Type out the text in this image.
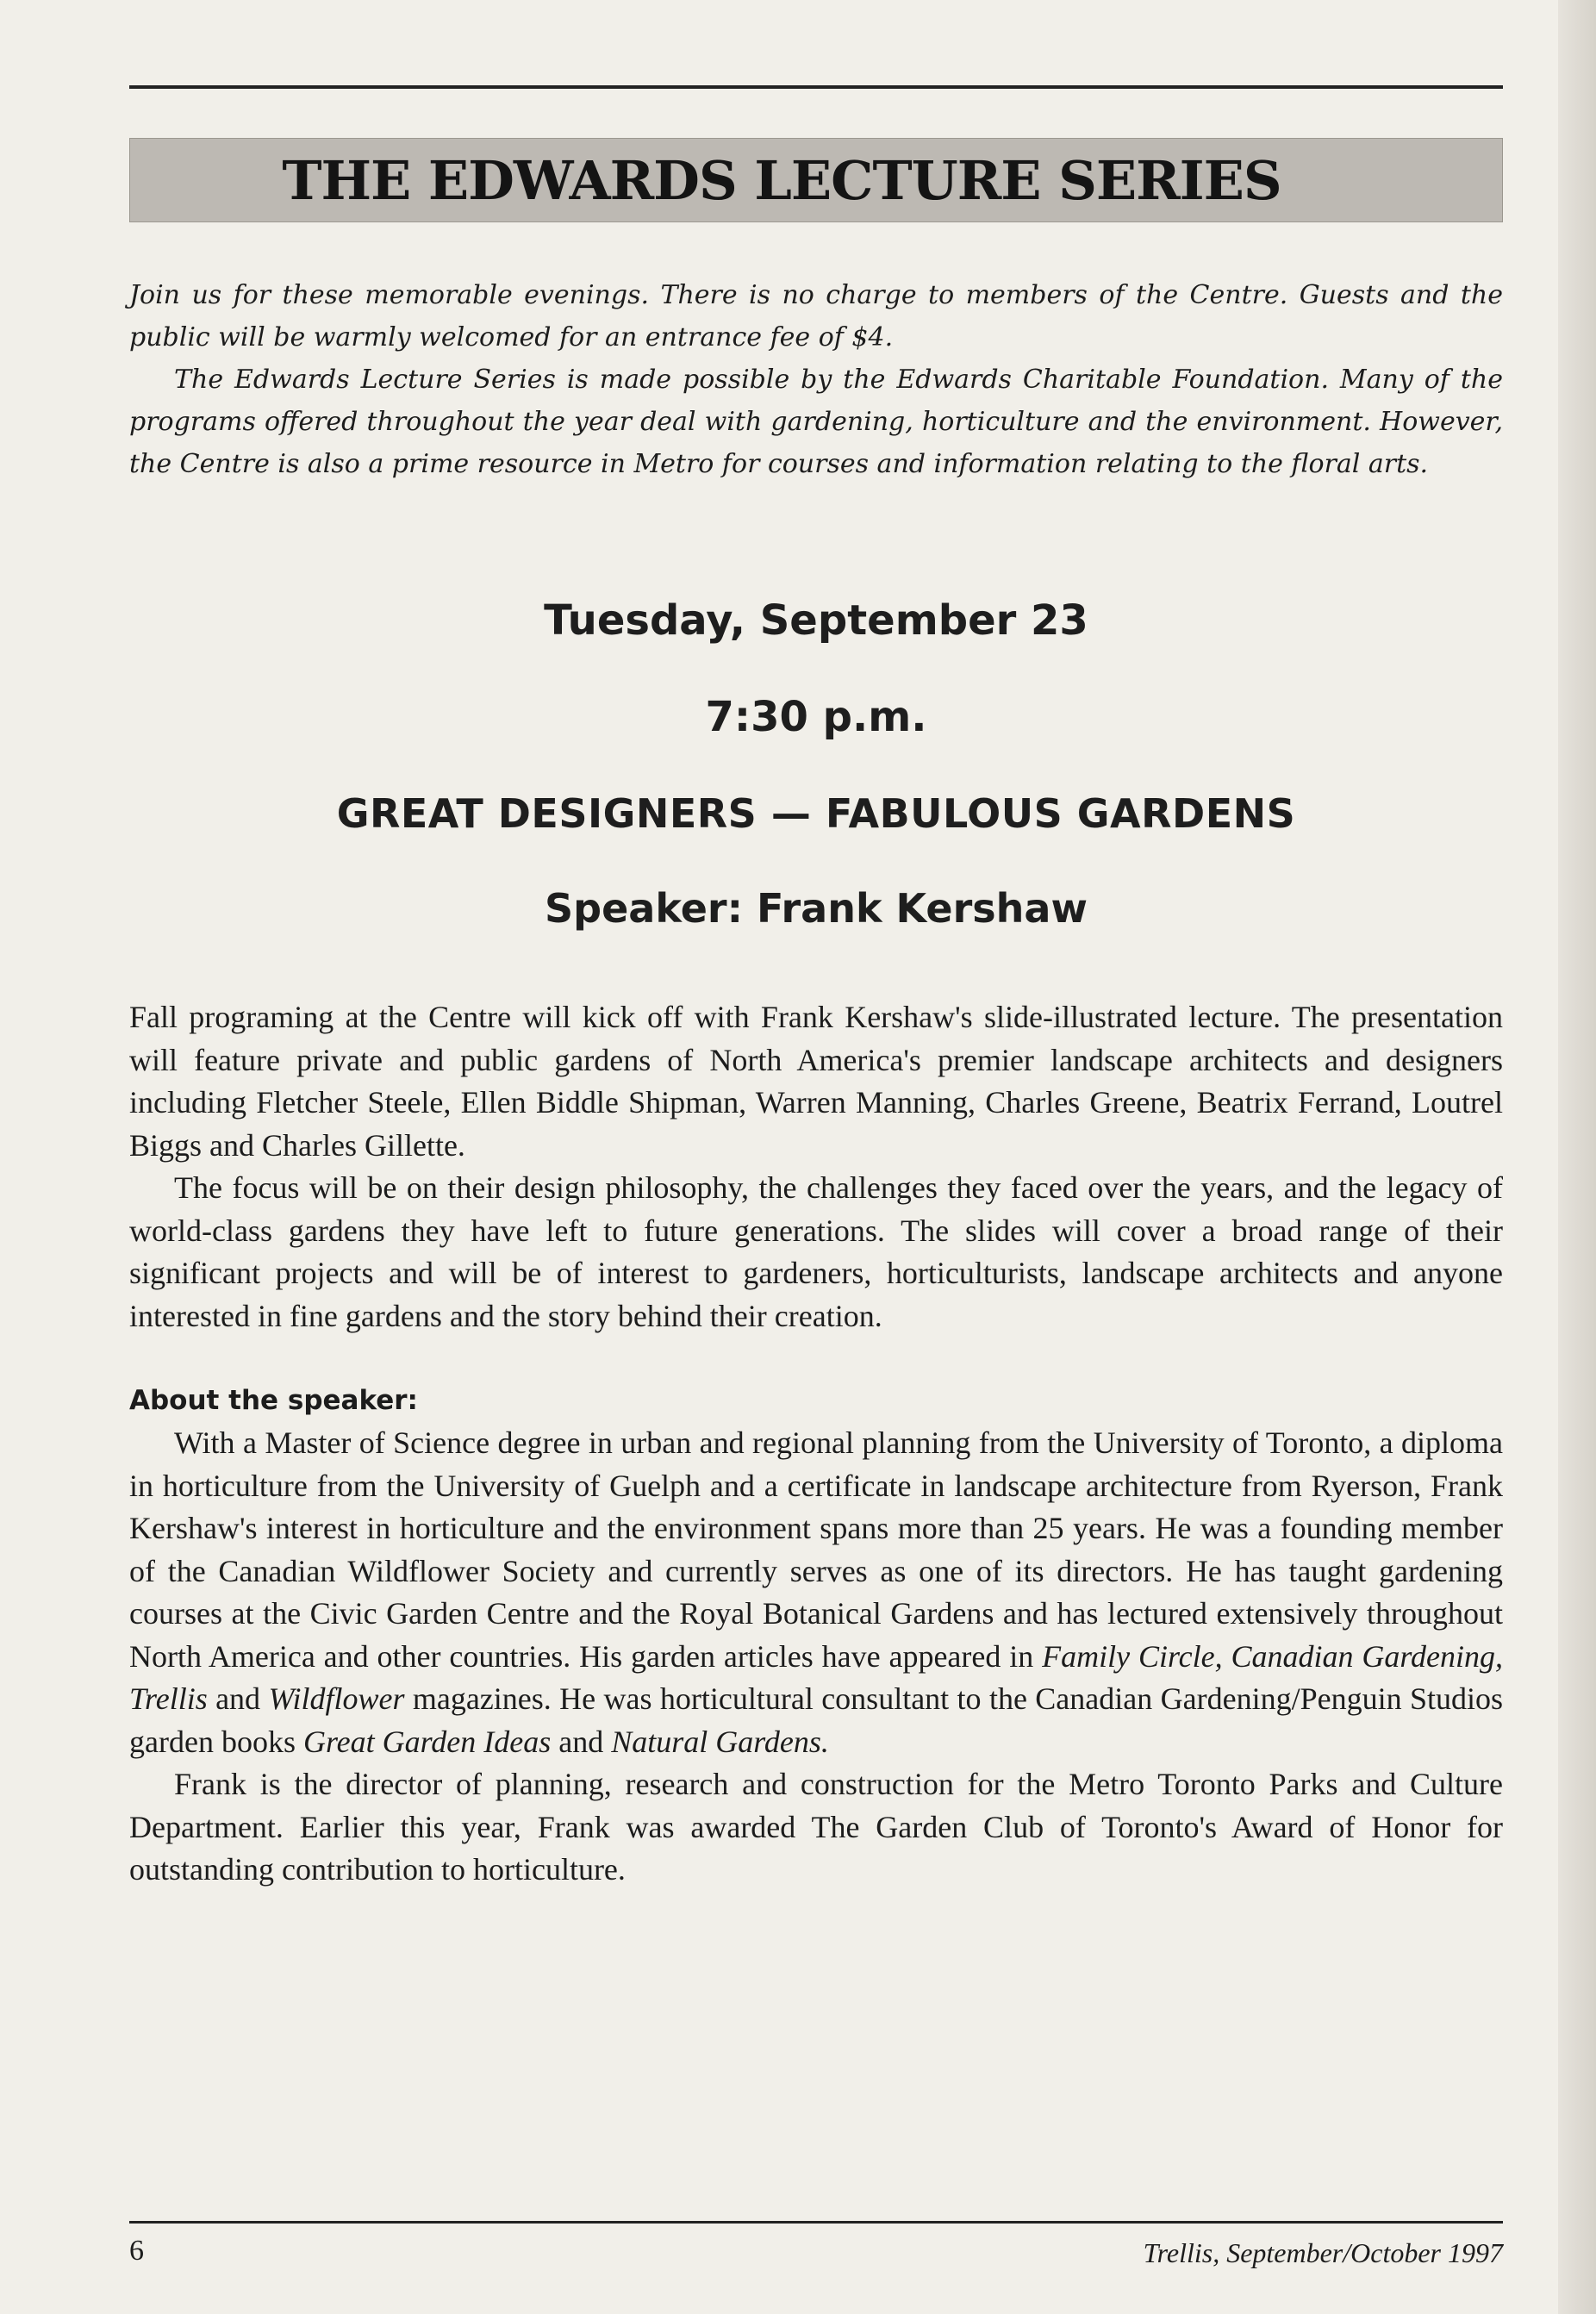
THE EDWARDS LECTURE SERIES

Join us for these memorable evenings. There is no charge to members of the Centre. Guests and the public will be warmly welcomed for an entrance fee of $4.

The Edwards Lecture Series is made possible by the Edwards Charitable Foundation. Many of the programs offered throughout the year deal with gardening, horticulture and the environment. However, the Centre is also a prime resource in Metro for courses and information relating to the floral arts.

Tuesday, September 23
7:30 p.m.
GREAT DESIGNERS — FABULOUS GARDENS
Speaker: Frank Kershaw

Fall programing at the Centre will kick off with Frank Kershaw's slide-illustrated lecture. The presentation will feature private and public gardens of North America's premier landscape architects and designers including Fletcher Steele, Ellen Biddle Shipman, Warren Manning, Charles Greene, Beatrix Ferrand, Loutrel Biggs and Charles Gillette.

The focus will be on their design philosophy, the challenges they faced over the years, and the legacy of world-class gardens they have left to future generations. The slides will cover a broad range of their significant projects and will be of interest to gardeners, horticulturists, landscape architects and anyone interested in fine gardens and the story behind their creation.

About the speaker:

With a Master of Science degree in urban and regional planning from the University of Toronto, a diploma in horticulture from the University of Guelph and a certificate in landscape architecture from Ryerson, Frank Kershaw's interest in horticulture and the environment spans more than 25 years. He was a founding member of the Canadian Wildflower Society and currently serves as one of its directors. He has taught gardening courses at the Civic Garden Centre and the Royal Botanical Gardens and has lectured extensively throughout North America and other countries. His garden articles have appeared in Family Circle, Canadian Gardening, Trellis and Wildflower magazines. He was horticultural consultant to the Canadian Gardening/Penguin Studios garden books Great Garden Ideas and Natural Gardens.

Frank is the director of planning, research and construction for the Metro Toronto Parks and Culture Department. Earlier this year, Frank was awarded The Garden Club of Toronto's Award of Honor for outstanding contribution to horticulture.

6	Trellis, September/October 1997
